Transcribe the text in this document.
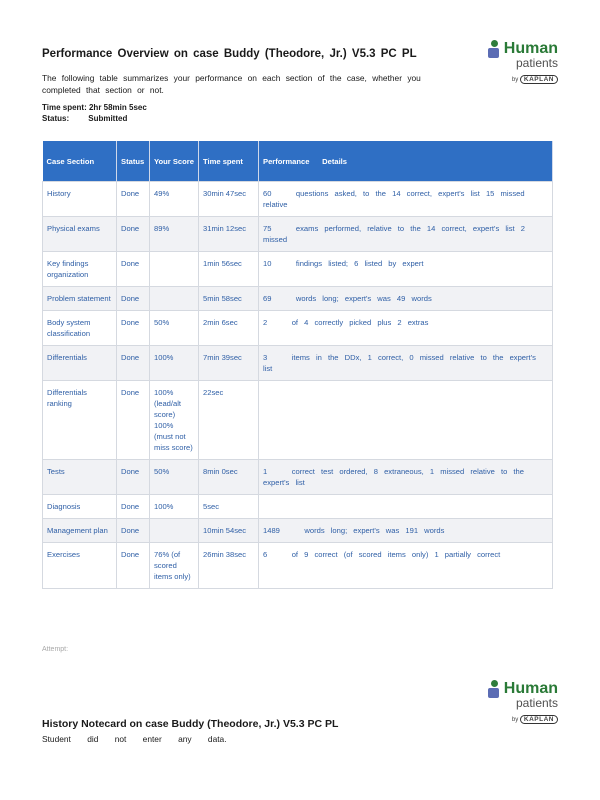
Performance Overview on case Buddy (Theodore, Jr.) V5.3 PC PL	Human
patients
by KAPLAN
The following table summarizes your performance on each section of the case, whether you completed that section or not.
Time spent: 2hr 58min 5sec
Status: Submitted
Case Section	Status	Your Score	Time spent	Performance Details
History	Done	49%	30min 47sec	60 questions asked, to the 14 correct, expert's list 15 missed relative
Physical exams	Done	89%	31min 12sec	75 exams performed, relative to the 14 correct, expert's list 2 missed
Key findings organization	Done		1min 56sec	10 findings listed; 6 listed by expert
Problem statement	Done		5min 58sec	69 words long; expert's was 49 words
Body system classification	Done	50%	2min 6sec	2 of 4 correctly picked plus 2 extras
Differentials	Done	100%	7min 39sec	3 items in the DDx, 1 correct, 0 missed relative to the expert's list
Differentials ranking	Done	100% (lead/alt score) 100% (must not miss score)	22sec	
Tests	Done	50%	8min 0sec	1 correct test ordered, 8 extraneous, 1 missed relative to the expert's list
Diagnosis	Done	100%	5sec	
Management plan	Done		10min 54sec	1489 words long; expert's was 191 words
Exercises	Done	76% (of scored items only)	26min 38sec	6 of 9 correct (of scored items only) 1 partially correct
Attempt:
Human
patients
by KAPLAN
History Notecard on case Buddy (Theodore, Jr.) V5.3 PC PL
Student did not enter any data.
